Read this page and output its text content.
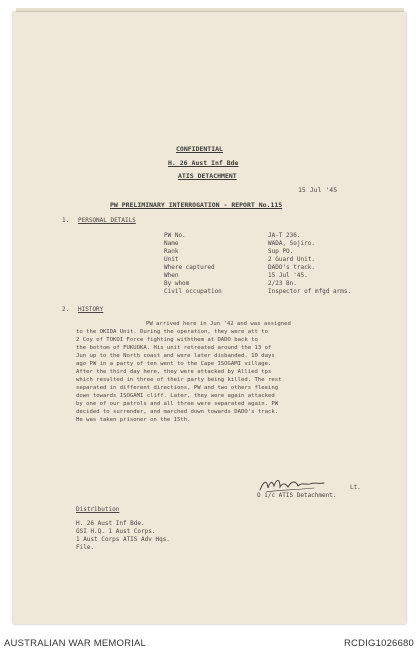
CONFIDENTIAL
H. 26 Aust Inf Bde
ATIS DETACHMENT
15 Jul '45
PW PRELIMINARY INTERROGATION - REPORT No.115
1. PERSONAL DETAILS
PW No.	JA-T 236.
Name	WADA, Sojiro.
Rank	Sup PO.
Unit	2 Guard Unit.
Where captured	DADO's track.
When	15 Jul '45.
By whom	2/23 Bn.
Civil occupation	Inspector of mfgd arms.
2. HISTORY
PW arrived here in Jun '42 and was assigned
to the OKIDA Unit. During the operation, they were att to
2 Coy of TOKOI Force fighting withthem at DADO back to
the bottom of FUKUOKA. His unit retreated around the 13 of
Jun up to the North coast and were later disbanded. 10 days
ago PW in a party of ten went to the Cape ISOGAMI village.
After the third day here, they were attacked by Allied tps
which resulted in three of their party being killed. The rest
separated in different directions, PW and two others fleeing
down towards ISOGAMI cliff. Later, they were again attacked
by one of our patrols and all three were separated again. PW
decided to surrender, and marched down towards DADO's track.
He was taken prisoner on the 15th.
Lt.
O i/c ATIS Detachment.
Distribution
H. 26 Aust Inf Bde.
GSI H.Q. 1 Aust Corps.
1 Aust Corps ATIS Adv Hqs.
File.
AUSTRALIAN WAR MEMORIAL	RCDIG1026680
